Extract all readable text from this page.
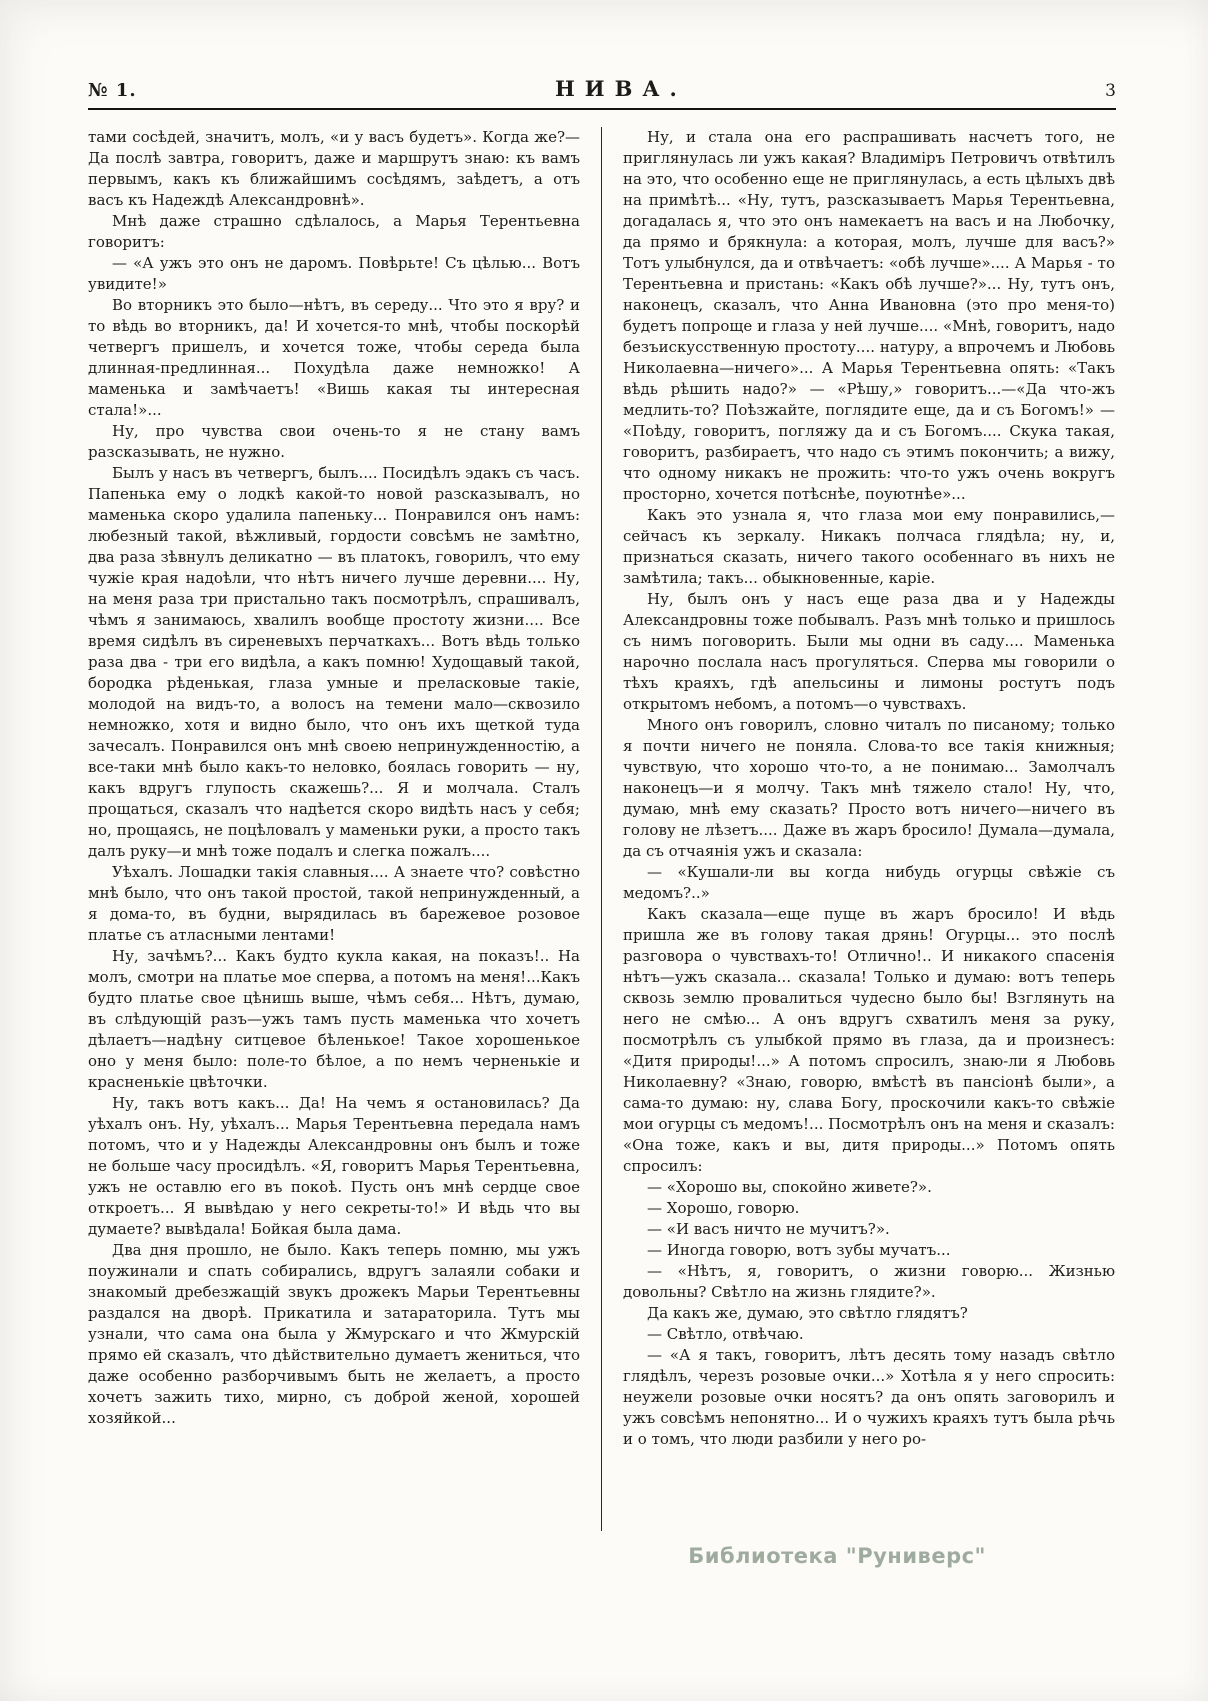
№ 1.	НИВА.	3

тами сосѣдей, значитъ, молъ, «и у васъ будетъ». Когда же?—Да послѣ завтра, говоритъ, даже и маршрутъ знаю: къ вамъ первымъ, какъ къ ближайшимъ сосѣдямъ, заѣдетъ, а отъ васъ къ Надеждѣ Александровнѣ».

Мнѣ даже страшно сдѣлалось, а Марья Терентьевна говоритъ:

— «А ужъ это онъ не даромъ. Повѣрьте! Съ цѣлью... Вотъ увидите!»

Во вторникъ это было—нѣтъ, въ середу... Что это я вру? и то вѣдь во вторникъ, да! И хочется-то мнѣ, чтобы поскорѣй четвергъ пришелъ, и хочется тоже, чтобы середа была длинная-предлинная... Похудѣла даже немножко! А маменька и замѣчаетъ! «Вишь какая ты интересная стала!»...

Ну, про чувства свои очень-то я не стану вамъ разсказывать, не нужно.

Былъ у насъ въ четвергъ, былъ.... Посидѣлъ эдакъ съ часъ. Папенька ему о лодкѣ какой-то новой разсказывалъ, но маменька скоро удалила папеньку... Понравился онъ намъ: любезный такой, вѣжливый, гордости совсѣмъ не замѣтно, два раза зѣвнулъ деликатно — въ платокъ, говорилъ, что ему чужіе края надоѣли, что нѣтъ ничего лучше деревни.... Ну, на меня раза три пристально такъ посмотрѣлъ, спрашивалъ, чѣмъ я занимаюсь, хвалилъ вообще простоту жизни.... Все время сидѣлъ въ сиреневыхъ перчаткахъ... Вотъ вѣдь только раза два - три его видѣла, а какъ помню! Худощавый такой, бородка рѣденькая, глаза умные и преласковые такіе, молодой на видъ-то, а волосъ на темени мало—сквозило немножко, хотя и видно было, что онъ ихъ щеткой туда зачесалъ. Понравился онъ мнѣ своею непринужденностію, а все-таки мнѣ было какъ-то неловко, боялась говорить — ну, какъ вдругъ глупость скажешь?... Я и молчала. Сталъ прощаться, сказалъ что надѣется скоро видѣть насъ у себя; но, прощаясь, не поцѣловалъ у маменьки руки, а просто такъ далъ руку—и мнѣ тоже подалъ и слегка пожалъ....

Уѣхалъ. Лошадки такія славныя.... А знаете что? совѣстно мнѣ было, что онъ такой простой, такой непринужденный, а я дома-то, въ будни, вырядилась въ барежевое розовое платье съ атласными лентами!

Ну, зачѣмъ?... Какъ будто кукла какая, на показъ!.. На молъ, смотри на платье мое сперва, а потомъ на меня!...Какъ будто платье свое цѣнишь выше, чѣмъ себя... Нѣтъ, думаю, въ слѣдующій разъ—ужъ тамъ пусть маменька что хочетъ дѣлаетъ—надѣну ситцевое бѣленькое! Такое хорошенькое оно у меня было: поле-то бѣлое, а по немъ черненькіе и красненькіе цвѣточки.

Ну, такъ вотъ какъ... Да! На чемъ я остановилась? Да уѣхалъ онъ. Ну, уѣхалъ... Марья Терентьевна передала намъ потомъ, что и у Надежды Александровны онъ былъ и тоже не больше часу просидѣлъ. «Я, говоритъ Марья Терентьевна, ужъ не оставлю его въ покоѣ. Пусть онъ мнѣ сердце свое откроетъ... Я вывѣдаю у него секреты-то!» И вѣдь что вы думаете? вывѣдала! Бойкая была дама.

Два дня прошло, не было. Какъ теперь помню, мы ужъ поужинали и спать собирались, вдругъ залаяли собаки и знакомый дребезжащій звукъ дрожекъ Марьи Терентьевны раздался на дворѣ. Прикатила и затараторила. Тутъ мы узнали, что сама она была у Жмурскаго и что Жмурскій прямо ей сказалъ, что дѣйствительно думаетъ жениться, что даже особенно разборчивымъ быть не желаетъ, а просто хочетъ зажить тихо, мирно, съ доброй женой, хорошей хозяйкой...

Ну, и стала она его распрашивать насчетъ того, не приглянулась ли ужъ какая? Владиміръ Петровичъ отвѣтилъ на это, что особенно еще не приглянулась, а есть цѣлыхъ двѣ на примѣтѣ... «Ну, тутъ, разсказываетъ Марья Терентьевна, догадалась я, что это онъ намекаетъ на васъ и на Любочку, да прямо и брякнула: а которая, молъ, лучше для васъ?» Тотъ улыбнулся, да и отвѣчаетъ: «обѣ лучше».... А Марья - то Терентьевна и пристань: «Какъ обѣ лучше?»... Ну, тутъ онъ, наконецъ, сказалъ, что Анна Ивановна (это про меня-то) будетъ попроще и глаза у ней лучше.... «Мнѣ, говоритъ, надо безъискусственную простоту.... натуру, а впрочемъ и Любовь Николаевна—ничего»... А Марья Терентьевна опять: «Такъ вѣдь рѣшить надо?» — «Рѣшу,» говоритъ...—«Да что-жъ медлить-то? Поѣзжайте, поглядите еще, да и съ Богомъ!» — «Поѣду, говоритъ, погляжу да и съ Богомъ.... Скука такая, говоритъ, разбираетъ, что надо съ этимъ покончить; а вижу, что одному никакъ не прожить: что-то ужъ очень вокругъ просторно, хочется потѣснѣе, поуютнѣе»...

Какъ это узнала я, что глаза мои ему понравились,—сейчасъ къ зеркалу. Никакъ полчаса глядѣла; ну, и, признаться сказать, ничего такого особеннаго въ нихъ не замѣтила; такъ... обыкновенные, каріе.

Ну, былъ онъ у насъ еще раза два и у Надежды Александровны тоже побывалъ. Разъ мнѣ только и пришлось съ нимъ поговорить. Были мы одни въ саду.... Маменька нарочно послала насъ прогуляться. Сперва мы говорили о тѣхъ краяхъ, гдѣ апельсины и лимоны ростутъ подъ открытомъ небомъ, а потомъ—о чувствахъ.

Много онъ говорилъ, словно читалъ по писаному; только я почти ничего не поняла. Слова-то все такія книжныя; чувствую, что хорошо что-то, а не понимаю... Замолчалъ наконецъ—и я молчу. Такъ мнѣ тяжело стало! Ну, что, думаю, мнѣ ему сказать? Просто вотъ ничего—ничего въ голову не лѣзетъ.... Даже въ жаръ бросило! Думала—думала, да съ отчаянія ужъ и сказала:

— «Кушали-ли вы когда нибудь огурцы свѣжіе съ медомъ?..»

Какъ сказала—еще пуще въ жаръ бросило! И вѣдь пришла же въ голову такая дрянь! Огурцы... это послѣ разговора о чувствахъ-то! Отлично!.. И никакого спасенія нѣтъ—ужъ сказала... сказала! Только и думаю: вотъ теперь сквозь землю провалиться чудесно было бы! Взглянуть на него не смѣю... А онъ вдругъ схватилъ меня за руку, посмотрѣлъ съ улыбкой прямо въ глаза, да и произнесъ: «Дитя природы!...» А потомъ спросилъ, знаю-ли я Любовь Николаевну? «Знаю, говорю, вмѣстѣ въ пансіонѣ были», а сама-то думаю: ну, слава Богу, проскочили какъ-то свѣжіе мои огурцы съ медомъ!... Посмотрѣлъ онъ на меня и сказалъ: «Она тоже, какъ и вы, дитя природы...» Потомъ опять спросилъ:

— «Хорошо вы, спокойно живете?».

— Хорошо, говорю.

— «И васъ ничто не мучитъ?».

— Иногда говорю, вотъ зубы мучатъ...

— «Нѣтъ, я, говоритъ, о жизни говорю... Жизнью довольны? Свѣтло на жизнь глядите?».

Да какъ же, думаю, это свѣтло глядятъ?

— Свѣтло, отвѣчаю.

— «А я такъ, говоритъ, лѣтъ десять тому назадъ свѣтло глядѣлъ, черезъ розовые очки...» Хотѣла я у него спросить: неужели розовые очки носятъ? да онъ опять заговорилъ и ужъ совсѣмъ непонятно... И о чужихъ краяхъ тутъ была рѣчь и о томъ, что люди разбили у него ро-

Библиотека "Руниверс"
